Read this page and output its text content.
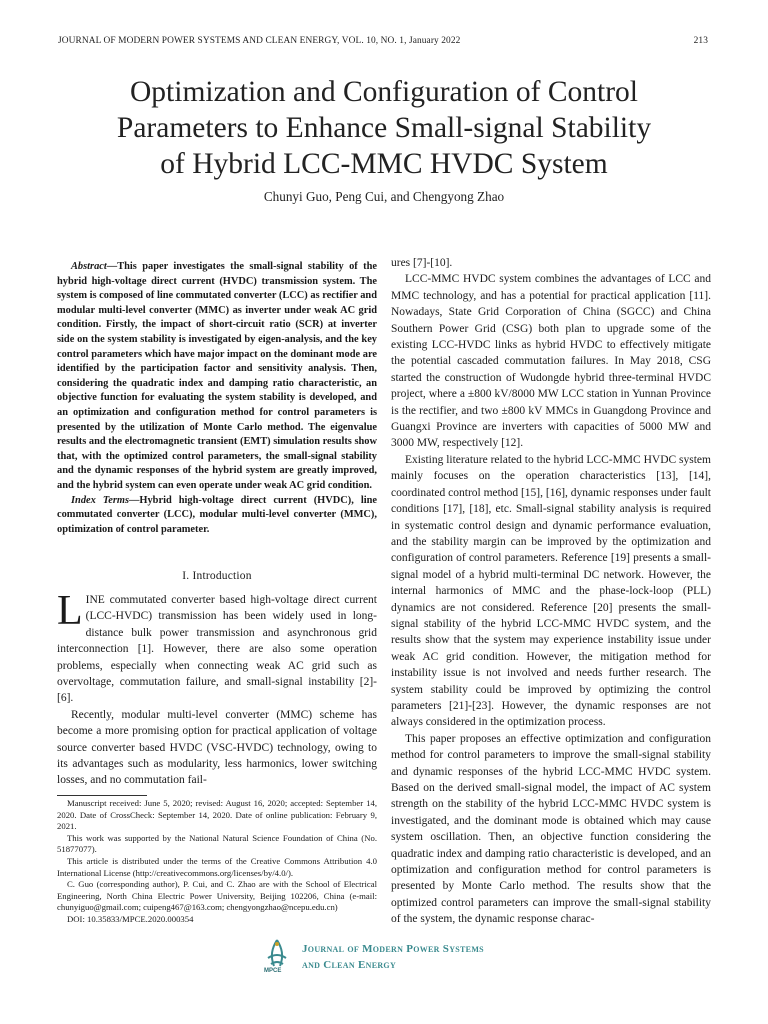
JOURNAL OF MODERN POWER SYSTEMS AND CLEAN ENERGY, VOL. 10, NO. 1, January 2022	213
Optimization and Configuration of Control
Parameters to Enhance Small-signal Stability
of Hybrid LCC-MMC HVDC System
Chunyi Guo, Peng Cui, and Chengyong Zhao

Abstract—This paper investigates the small-signal stability of the hybrid high-voltage direct current (HVDC) transmission system. The system is composed of line commutated converter (LCC) as rectifier and modular multi-level converter (MMC) as inverter under weak AC grid condition. Firstly, the impact of short-circuit ratio (SCR) at inverter side on the system stability is investigated by eigen-analysis, and the key control parameters which have major impact on the dominant mode are identified by the participation factor and sensitivity analysis. Then, considering the quadratic index and damping ratio characteristic, an objective function for evaluating the system stability is developed, and an optimization and configuration method for control parameters is presented by the utilization of Monte Carlo method. The eigenvalue results and the electromagnetic transient (EMT) simulation results show that, with the optimized control parameters, the small-signal stability and the dynamic responses of the hybrid system are greatly improved, and the hybrid system can even operate under weak AC grid condition.

Index Terms—Hybrid high-voltage direct current (HVDC), line commutated converter (LCC), modular multi-level converter (MMC), optimization of control parameter.

I. Introduction

LINE commutated converter based high-voltage direct current (LCC-HVDC) transmission has been widely used in long-distance bulk power transmission and asynchronous grid interconnection [1]. However, there are also some operation problems, especially when connecting weak AC grid such as overvoltage, commutation failure, and small-signal instability [2]-[6].

Recently, modular multi-level converter (MMC) scheme has become a more promising option for practical application of voltage source converter based HVDC (VSC-HVDC) technology, owing to its advantages such as modularity, less harmonics, lower switching losses, and no commutation fail-

Manuscript received: June 5, 2020; revised: August 16, 2020; accepted: September 14, 2020. Date of CrossCheck: September 14, 2020. Date of online publication: February 9, 2021.

This work was supported by the National Natural Science Foundation of China (No. 51877077).

This article is distributed under the terms of the Creative Commons Attribution 4.0 International License (http://creativecommons.org/licenses/by/4.0/).

C. Guo (corresponding author), P. Cui, and C. Zhao are with the School of Electrical Engineering, North China Electric Power University, Beijing 102206, China (e-mail: chunyiguo@gmail.com; cuipeng467@163.com; chengyongzhao@ncepu.edu.cn)

DOI: 10.35833/MPCE.2020.000354

ures [7]-[10].

LCC-MMC HVDC system combines the advantages of LCC and MMC technology, and has a potential for practical application [11]. Nowadays, State Grid Corporation of China (SGCC) and China Southern Power Grid (CSG) both plan to upgrade some of the existing LCC-HVDC links as hybrid HVDC to effectively mitigate the potential cascaded commutation failures. In May 2018, CSG started the construction of Wudongde hybrid three-terminal HVDC project, where a ±800 kV/8000 MW LCC station in Yunnan Province is the rectifier, and two ±800 kV MMCs in Guangdong Province and Guangxi Province are inverters with capacities of 5000 MW and 3000 MW, respectively [12].

Existing literature related to the hybrid LCC-MMC HVDC system mainly focuses on the operation characteristics [13], [14], coordinated control method [15], [16], dynamic responses under fault conditions [17], [18], etc. Small-signal stability analysis is required in systematic control design and dynamic performance evaluation, and the stability margin can be improved by the optimization and configuration of control parameters. Reference [19] presents a small-signal model of a hybrid multi-terminal DC network. However, the internal harmonics of MMC and the phase-lock-loop (PLL) dynamics are not considered. Reference [20] presents the small-signal stability of the hybrid LCC-MMC HVDC system, and the results show that the system may experience instability issue under weak AC grid condition. However, the mitigation method for instability issue is not involved and needs further research. The system stability could be improved by optimizing the control parameters [21]-[23]. However, the dynamic responses are not always considered in the optimization process.

This paper proposes an effective optimization and configuration method for control parameters to improve the small-signal stability and dynamic responses of the hybrid LCC-MMC HVDC system. Based on the derived small-signal model, the impact of AC system strength on the stability of the hybrid LCC-MMC HVDC system is investigated, and the dominant mode is obtained which may cause system oscillation. Then, an objective function considering the quadratic index and damping ratio characteristic is developed, and an optimization and configuration method for control parameters is presented by Monte Carlo method. The results show that the optimized control parameters can improve the small-signal stability of the system, the dynamic response charac-

MPCE
Journal of Modern Power Systems
and Clean Energy
